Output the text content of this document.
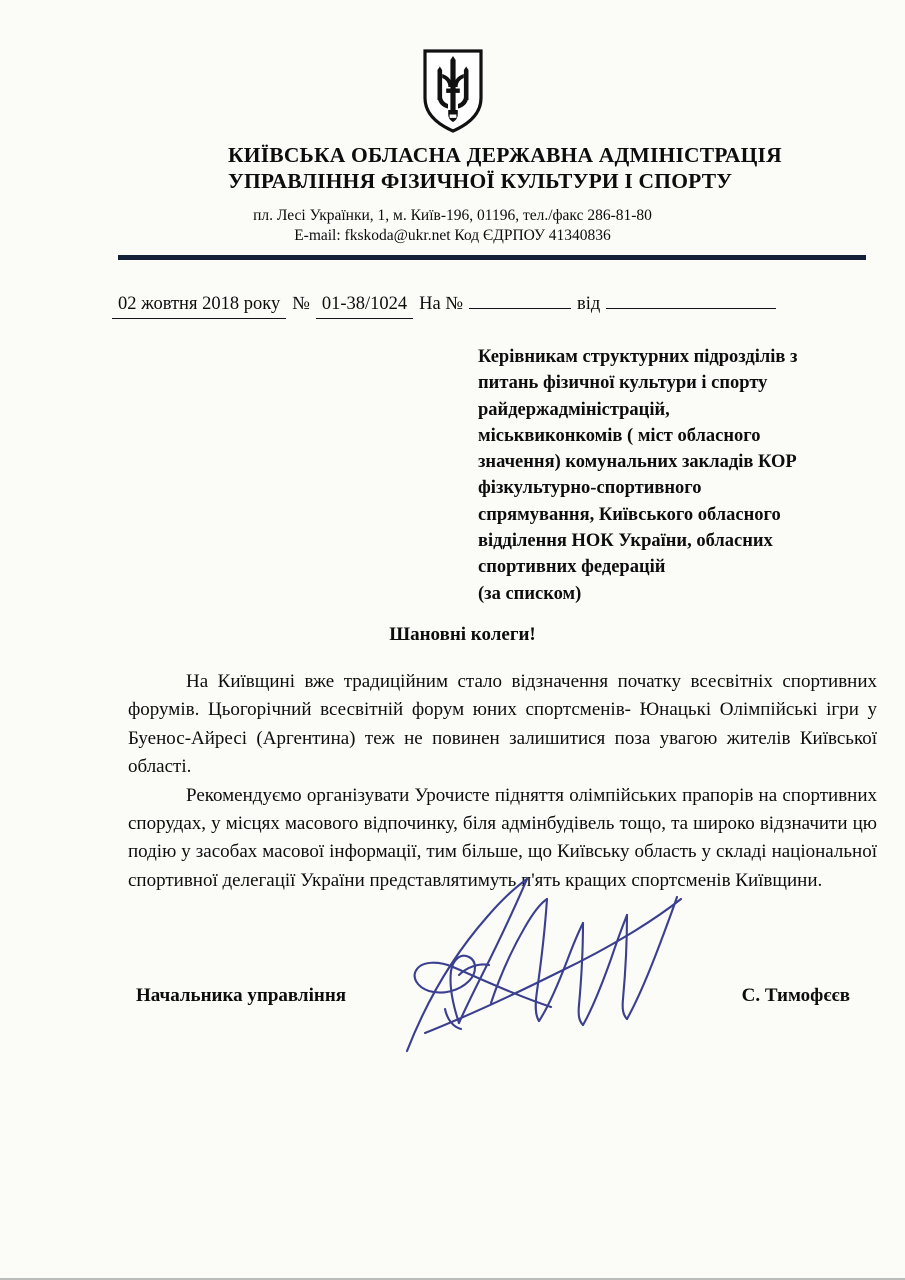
КИЇВСЬКА ОБЛАСНА ДЕРЖАВНА АДМІНІСТРАЦІЯ
УПРАВЛІННЯ ФІЗИЧНОЇ КУЛЬТУРИ І СПОРТУ
пл. Лесі Українки, 1, м. Київ-196, 01196, тел./факс 286-81-80
E-mail: fkskoda@ukr.net Код ЄДРПОУ 41340836
02 жовтня 2018 року № 01-38/1024 На №	від
Керівникам структурних підрозділів з
питань фізичної культури і спорту
райдержадміністрацій,
міськвиконкомів ( міст обласного
значення) комунальних закладів КОР
фізкультурно-спортивного
спрямування, Київського обласного
відділення НОК України, обласних
спортивних федерацій
(за списком)
Шановні колеги!

На Київщині вже традиційним стало відзначення початку всесвітніх спортивних форумів. Цьогорічний всесвітній форум юних спортсменів- Юнацькі Олімпійські ігри у Буенос-Айресі (Аргентина) теж не повинен залишитися поза увагою жителів Київської області.

Рекомендуємо організувати Урочисте підняття олімпійських прапорів на спортивних спорудах, у місцях масового відпочинку, біля адмінбудівель тощо, та широко відзначити цю подію у засобах масової інформації, тим більше, що Київську область у складі національної спортивної делегації України представлятимуть п'ять кращих спортсменів Київщини.

Начальника управління	С. Тимофєєв
